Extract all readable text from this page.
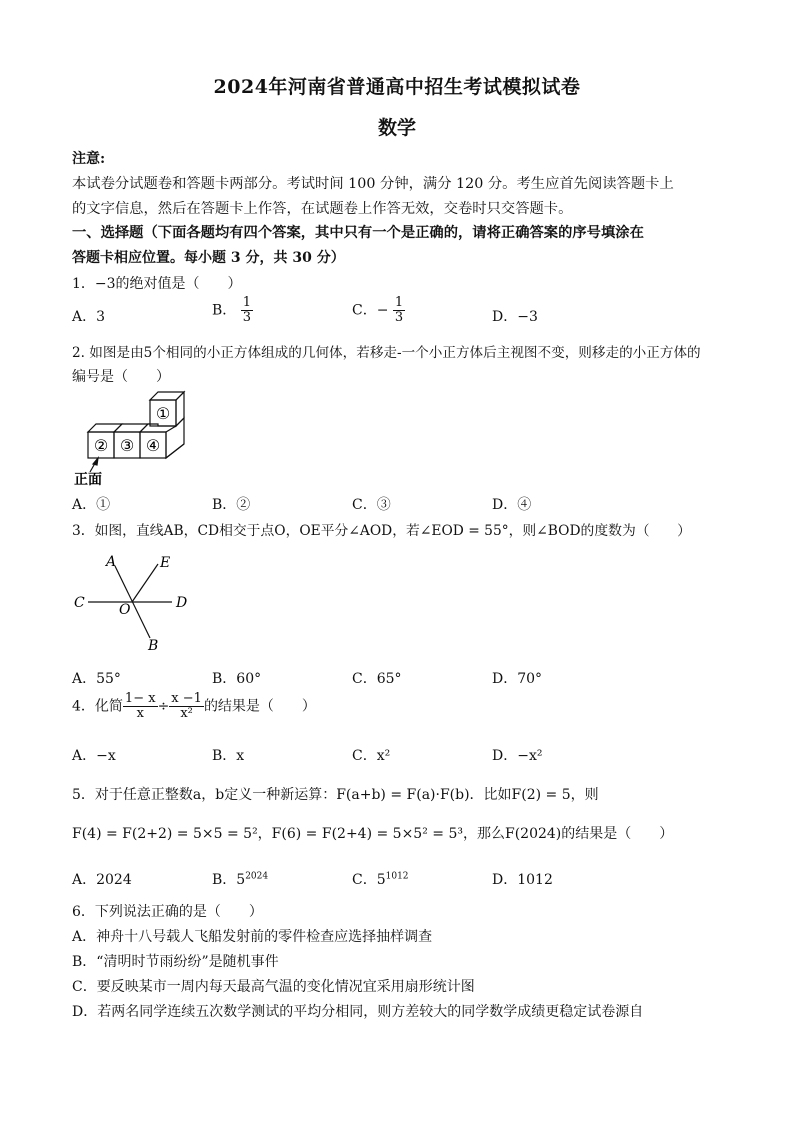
2024年河南省普通高中招生考试模拟试卷
数学
注意:
本试卷分试题卷和答题卡两部分。考试时间 100 分钟，满分 120 分。考生应首先阅读答题卡上
的文字信息，然后在答题卡上作答，在试题卷上作答无效，交卷时只交答题卡。
一、选择题（下面各题均有四个答案，其中只有一个是正确的，请将正确答案的序号填涂在
答题卡相应位置。每小题 3 分，共 30 分）
1．−3的绝对值是（　　）
A．3	B． $\frac{1}{3}$	C．− $\frac{1}{3}$	D．−3
2. 如图是由5个相同的小正方体组成的几何体，若移走-一个小正方体后主视图不变，则移走的小正方体的
编号是（　　）
①
② ③ ④
正面
A．①	B．②	C．③	D．④
3．如图，直线AB，CD相交于点O，OE平分∠AOD，若∠EOD = 55°，则∠BOD的度数为（　　）
A	E
C	D
O
B
A．55°	B．60°	C．65°	D．70°
4．化简 $\frac{1- x}{x} \div \frac{x -1}{\text{x²}}$ 的结果是（　　）
A．−x	B．x	C．x²	D．−x²
5．对于任意正整数a，b定义一种新运算：F(a+b) = F(a)·F(b)．比如F(2) = 5，则
F(4) = F(2+2) = 5×5 = 5²，F(6) = F(2+4) = 5×5² = 5³，那么F(2024)的结果是（　　）
A．2024	B．$5^{2024}$	C．$5^{1012}$	D．1012
6．下列说法正确的是（　　）
A．神舟十八号载人飞船发射前的零件检查应选择抽样调查
B．“清明时节雨纷纷”是随机事件
C．要反映某市一周内每天最高气温的变化情况宜采用扇形统计图
D．若两名同学连续五次数学测试的平均分相同，则方差较大的同学数学成绩更稳定试卷源自
